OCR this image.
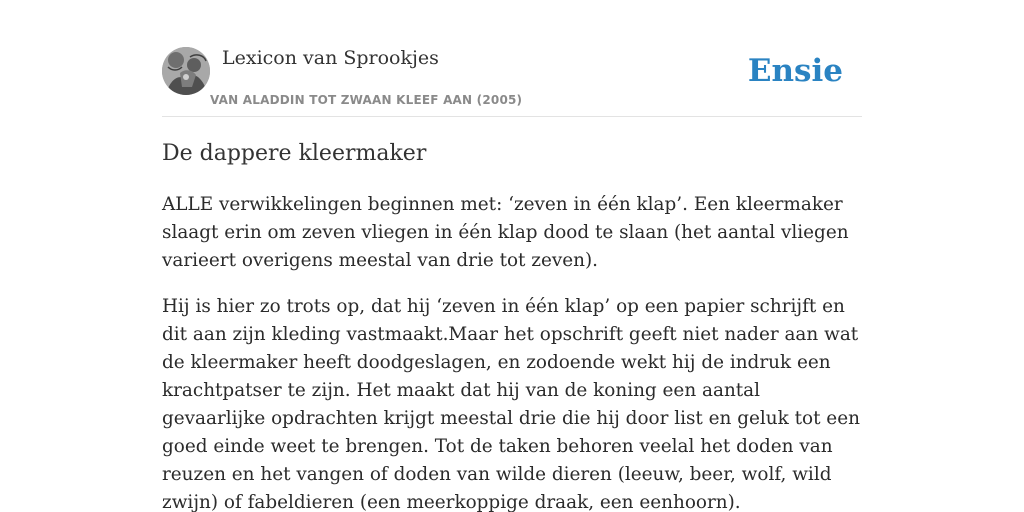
Lexicon van Sprookjes
VAN ALADDIN TOT ZWAAN KLEEF AAN (2005)
Ensie
De dappere kleermaker

ALLE verwikkelingen beginnen met: ‘zeven in één klap’. Een kleermaker slaagt erin om zeven vliegen in één klap dood te slaan (het aantal vliegen varieert overigens meestal van drie tot zeven).

Hij is hier zo trots op, dat hij ‘zeven in één klap’ op een papier schrijft en dit aan zijn kleding vastmaakt.Maar het opschrift geeft niet nader aan wat de kleermaker heeft doodgeslagen, en zodoende wekt hij de indruk een krachtpatser te zijn. Het maakt dat hij van de koning een aantal gevaarlijke opdrachten krijgt meestal drie die hij door list en geluk tot een goed einde weet te brengen. Tot de taken behoren veelal het doden van reuzen en het vangen of doden van wilde dieren (leeuw, beer, wolf, wild zwijn) of fabeldieren (een meerkoppige draak, een eenhoorn).
